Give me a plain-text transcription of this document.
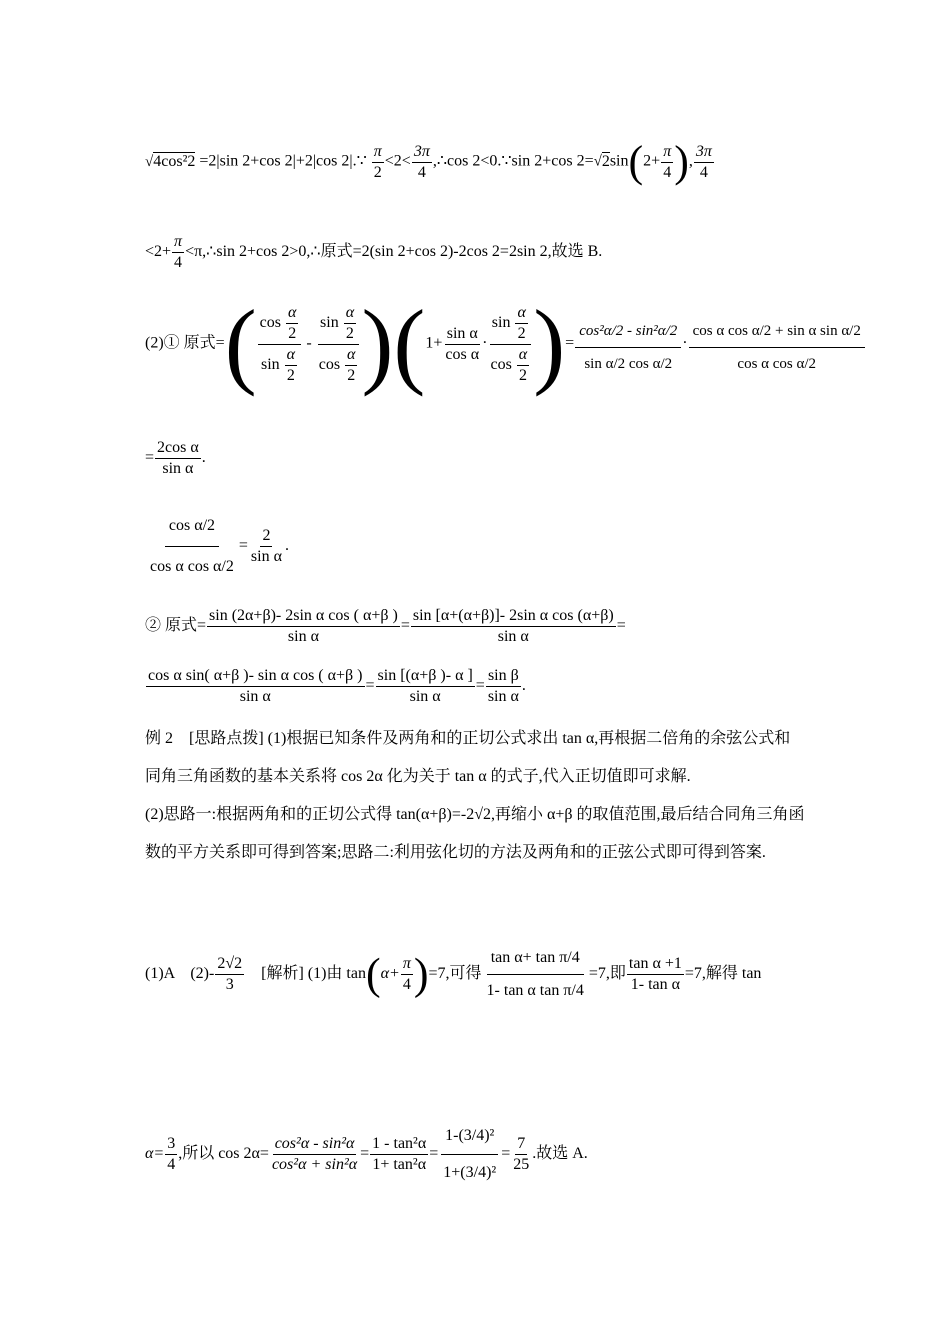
√4cos²2 =2|sin 2+cos 2|+2|cos 2|.∵ $\frac{\pi}{2} <2< \frac{3\pi}{4}$ ,∴cos 2<0.∵sin 2+cos $2=√2\sin(2+ \frac{\pi}{4}$ ), $\frac{3\pi}{4}$
$<2+ \frac{\pi}{4}$ <π,∴sin 2+cos 2>0,∴原式=2(sin 2+cos 2)-2cos 2=2sin 2,故选 B.
(2)① 原式=( $\frac{\cos \frac{\alpha}{2}}{\sin \frac{\alpha}{2}} - \frac{\sin \frac{\alpha}{2}}{\cos \frac{\alpha}{2}} )(1+ \frac{\text{sin α}}{\text{cos α}} \cdot \frac{\sin \frac{\alpha}{2}}{\cos \frac{\alpha}{2}}$ )= $\frac{\text{cos²α/2 - sin²α/2}}{\text{sin α/2 cos α/2}} \cdot \frac{\text{cos α cos α/2 + sin α sin α/2}}{\text{cos α cos α/2}}$
= $\frac{\text{2cos α}}{\text{sin α}}$ .
$\frac{\text{cos α/2}}{\text{cos α cos α/2}} = \frac{2}{\text{sin α}}$ .
② 原式= $\frac{\text{sin (2α+β)- 2sin α cos ( α+β )}}{\text{sin α}} = \frac{\text{sin [α+(α+β)]- 2sin α cos (α+β)}}{\text{sin α}}$ =
$\frac{\text{cos α sin( α+β )- sin α cos ( α+β )}}{\text{sin α}} = \frac{\sin [(\alpha+\beta )- \alpha ]}{\text{sin α}} = \frac{\text{sin β}}{\text{sin α}}$ .
例 2　[思路点拨] (1)根据已知条件及两角和的正切公式求出 tan α,再根据二倍角的余弦公式和同角三角函数的基本关系将 cos 2α 化为关于 tan α 的式子,代入正切值即可求解.
(2)思路一:根据两角和的正切公式得 tan(α+β)=-2√2,再缩小 α+β 的取值范围,最后结合同角三角函数的平方关系即可得到答案;思路二:利用弦化切的方法及两角和的正弦公式即可得到答案.
(1)A　$(2)- \frac{2√2}{3}$ 　[解析] (1)由 $\tan(\alpha+ \frac{\pi}{4} )=7$,可得 $\frac{\text{tan α+ tan π/4}}{\text{1- tan α tan π/4}} =7$,即 $\frac{\text{tan α +1}}{\text{1- tan α}} =7$,解得 tan
$\alpha= \frac{3}{4}$ ,所以 $\cos 2\alpha= \frac{\text{cos²α - sin²α}}{\text{cos²α + sin²α}} = \frac{\text{1 - tan²α}}{\text{1+ tan²α}} = \frac{\text{1-(3/4)²}}{\text{1+(3/4)²}} = \frac{7}{25}$ .故选 A.
